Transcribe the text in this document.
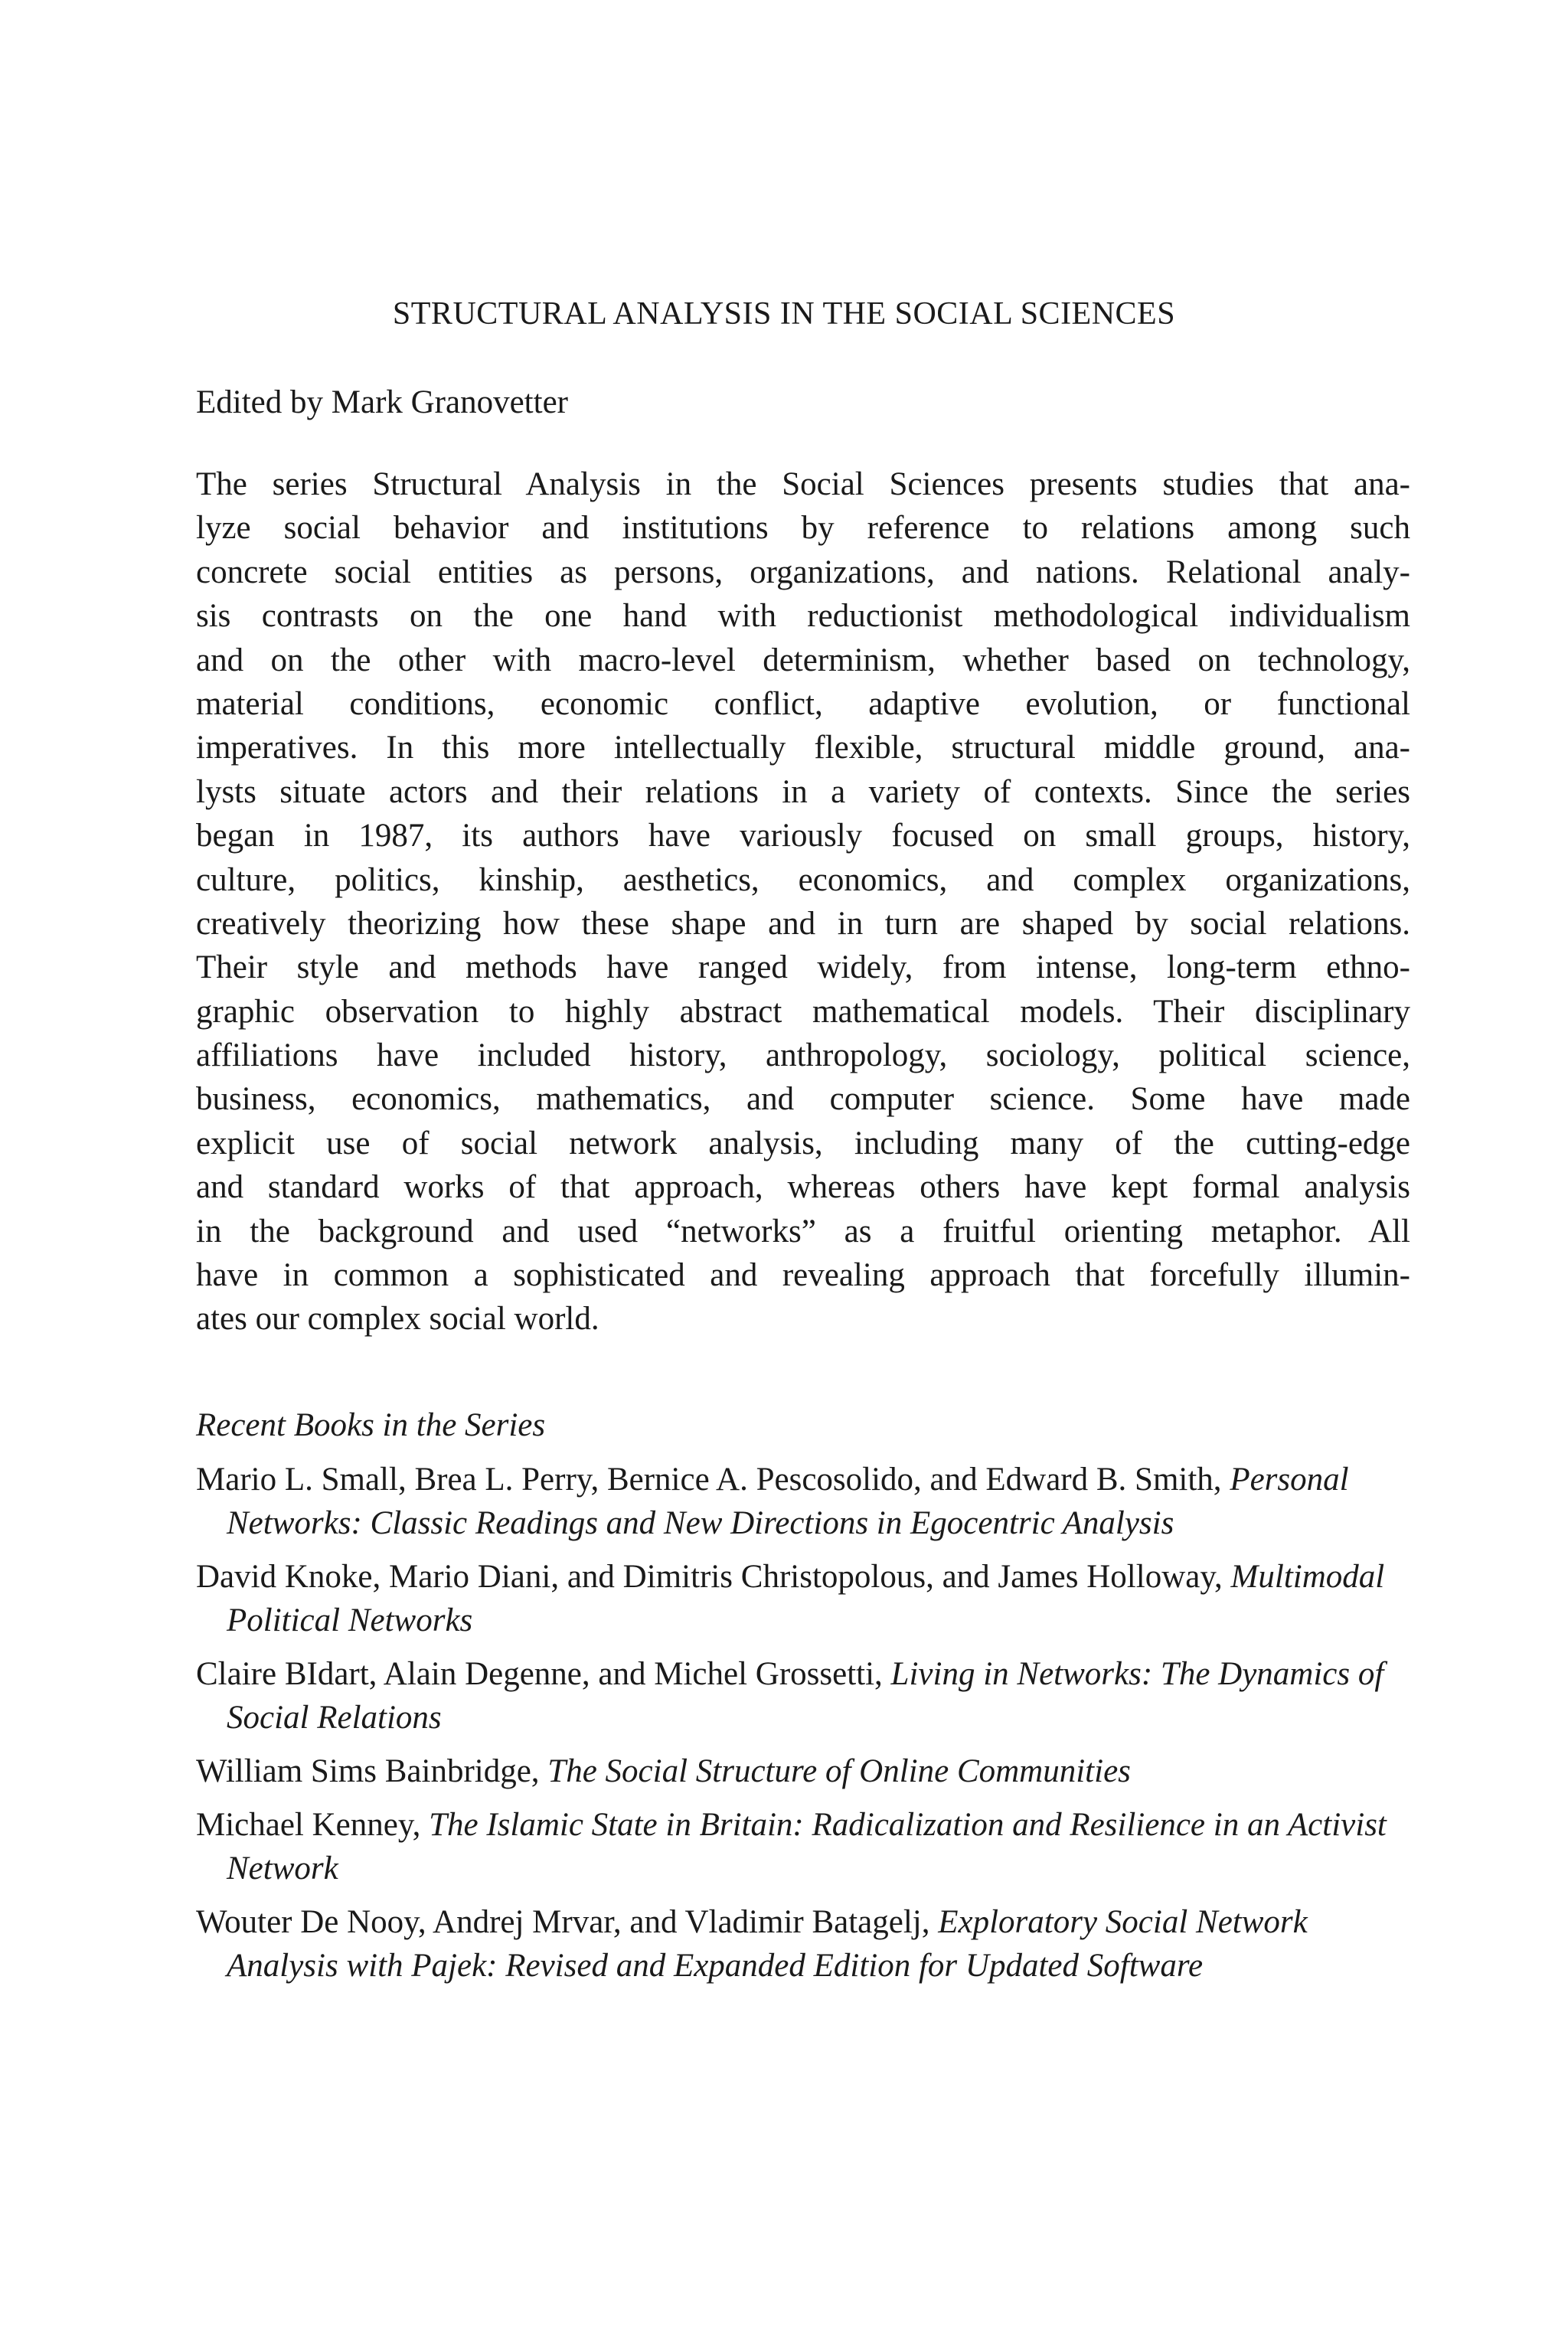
STRUCTURAL ANALYSIS IN THE SOCIAL SCIENCES

Edited by Mark Granovetter

The series Structural Analysis in the Social Sciences presents studies that ana-
lyze social behavior and institutions by reference to relations among such
concrete social entities as persons, organizations, and nations. Relational analy-
sis contrasts on the one hand with reductionist methodological individualism
and on the other with macro-level determinism, whether based on technology,
material conditions, economic conflict, adaptive evolution, or functional
imperatives. In this more intellectually flexible, structural middle ground, ana-
lysts situate actors and their relations in a variety of contexts. Since the series
began in 1987, its authors have variously focused on small groups, history,
culture, politics, kinship, aesthetics, economics, and complex organizations,
creatively theorizing how these shape and in turn are shaped by social relations.
Their style and methods have ranged widely, from intense, long-term ethno-
graphic observation to highly abstract mathematical models. Their disciplinary
affiliations have included history, anthropology, sociology, political science,
business, economics, mathematics, and computer science. Some have made
explicit use of social network analysis, including many of the cutting-edge
and standard works of that approach, whereas others have kept formal analysis
in the background and used “networks” as a fruitful orienting metaphor. All
have in common a sophisticated and revealing approach that forcefully illumin-
ates our complex social world.

Recent Books in the Series

Mario L. Small, Brea L. Perry, Bernice A. Pescosolido, and Edward B. Smith, Personal Networks: Classic Readings and New Directions in Egocentric Analysis
David Knoke, Mario Diani, and Dimitris Christopolous, and James Holloway, Multimodal Political Networks
Claire BIdart, Alain Degenne, and Michel Grossetti, Living in Networks: The Dynamics of Social Relations
William Sims Bainbridge, The Social Structure of Online Communities
Michael Kenney, The Islamic State in Britain: Radicalization and Resilience in an Activist Network
Wouter De Nooy, Andrej Mrvar, and Vladimir Batagelj, Exploratory Social Network Analysis with Pajek: Revised and Expanded Edition for Updated Software
